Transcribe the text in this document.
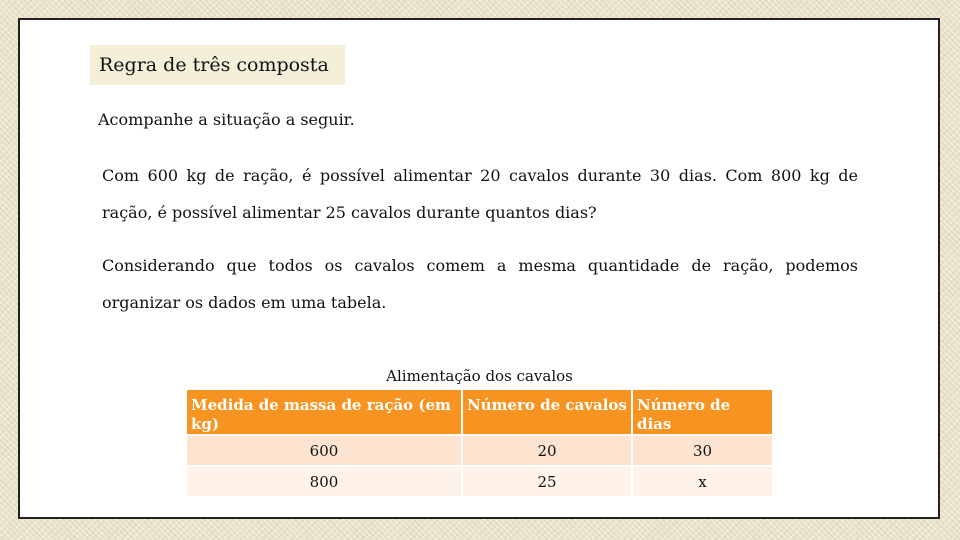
Regra de três composta
Acompanhe a situação a seguir.
Com 600 kg de ração, é possível alimentar 20 cavalos durante 30 dias. Com 800 kg de ração, é possível alimentar 25 cavalos durante quantos dias?
Considerando que todos os cavalos comem a mesma quantidade de ração, podemos organizar os dados em uma tabela.
Alimentação dos cavalos
Medida de massa de ração (em kg)	Número de cavalos	Número de dias
600	20	30
800	25	x
